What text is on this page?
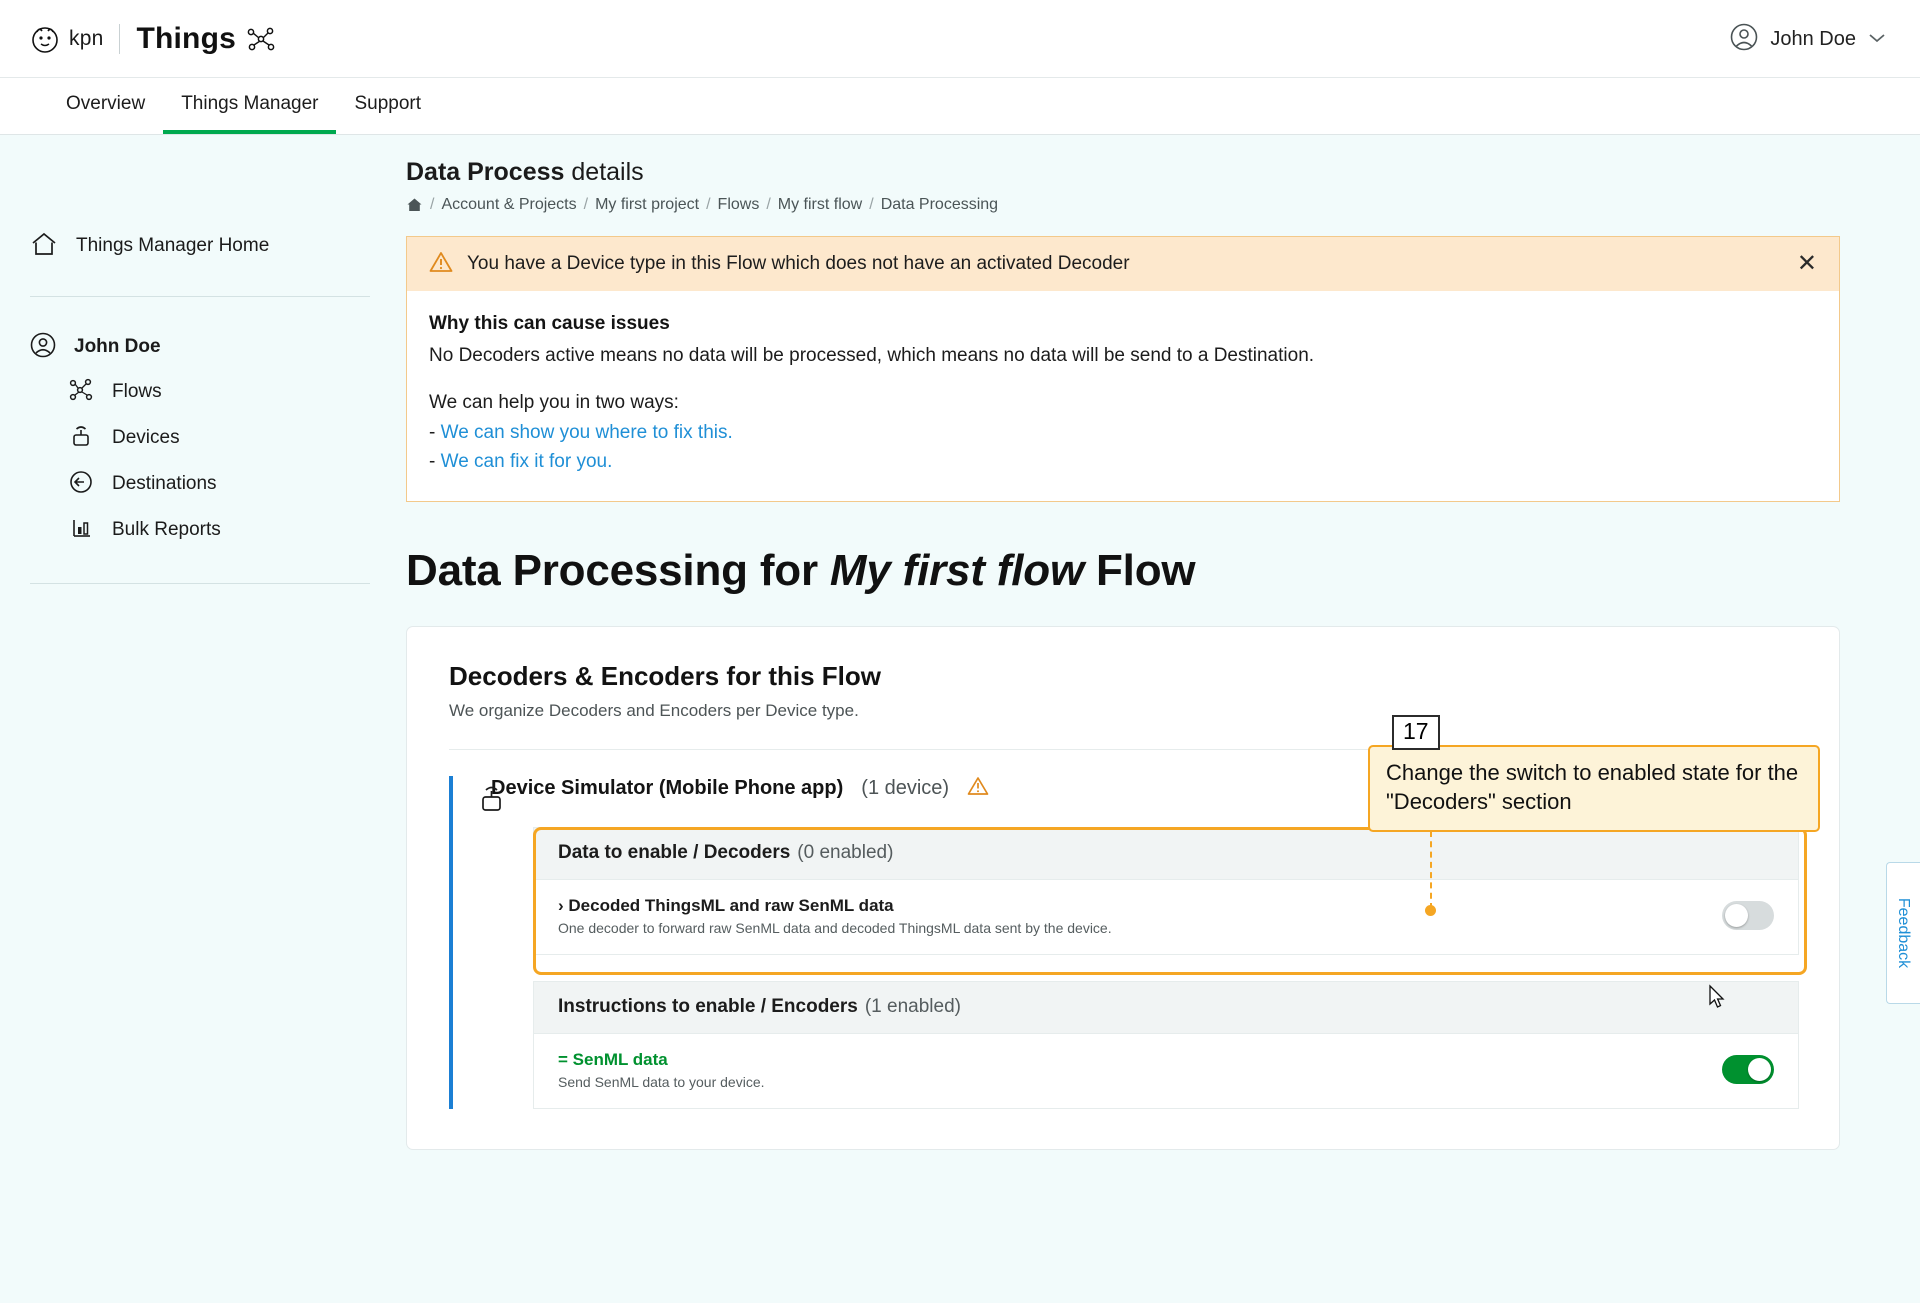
kpn Things	John Doe
Overview Things Manager Support
Things Manager Home
John Doe
Flows
Devices
Destinations
Bulk Reports
Data Process details
/ Account & Projects / My first project / Flows / My first flow / Data Processing
You have a Device type in this Flow which does not have an activated Decoder	✕
Why this can cause issues

No Decoders active means no data will be processed, which means no data will be send to a Destination.

We can help you in two ways:

- We can show you where to fix this.

- We can fix it for you.

Data Processing for My first flow Flow
Decoders & Encoders for this Flow
We organize Decoders and Encoders per Device type.
Device Simulator (Mobile Phone app) (1 device)
Data to enable / Decoders (0 enabled)
› Decoded ThingsML and raw SenML data
One decoder to forward raw SenML data and decoded ThingsML data sent by the device.
Instructions to enable / Encoders (1 enabled)
= SenML data
Send SenML data to your device.
17
Change the switch to enabled state for the "Decoders" section
Feedback
